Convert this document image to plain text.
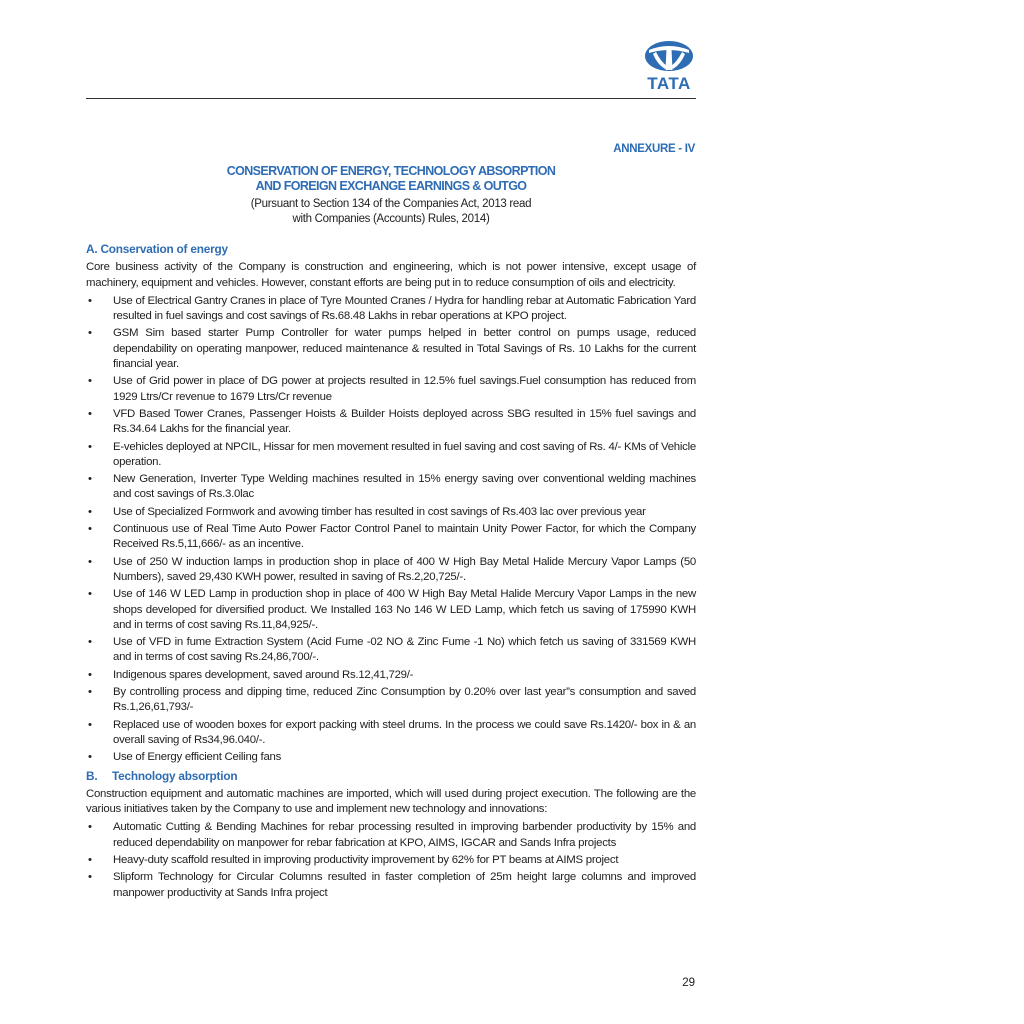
TATA
ANNEXURE - IV
CONSERVATION OF ENERGY, TECHNOLOGY ABSORPTION
AND FOREIGN EXCHANGE EARNINGS & OUTGO
(Pursuant to Section 134 of the Companies Act, 2013 read
with Companies (Accounts) Rules, 2014)
A. Conservation of energy

Core business activity of the Company is construction and engineering, which is not power intensive, except usage of machinery, equipment and vehicles. However, constant efforts are being put in to reduce consumption of oils and electricity.

•	Use of Electrical Gantry Cranes in place of Tyre Mounted Cranes / Hydra for handling rebar at Automatic Fabrication Yard resulted in fuel savings and cost savings of Rs.68.48 Lakhs in rebar operations at KPO project.
•	GSM Sim based starter Pump Controller for water pumps helped in better control on pumps usage, reduced dependability on operating manpower, reduced maintenance & resulted in Total Savings of Rs. 10 Lakhs for the current financial year.
•	Use of Grid power in place of DG power at projects resulted in 12.5% fuel savings.Fuel consumption has reduced from 1929 Ltrs/Cr revenue to 1679 Ltrs/Cr revenue
•	VFD Based Tower Cranes, Passenger Hoists & Builder Hoists deployed across SBG resulted in 15% fuel savings and Rs.34.64 Lakhs for the financial year.
•	E-vehicles deployed at NPCIL, Hissar for men movement resulted in fuel saving and cost saving of Rs. 4/- KMs of Vehicle operation.
•	New Generation, Inverter Type Welding machines resulted in 15% energy saving over conventional welding machines and cost savings of Rs.3.0lac
•	Use of Specialized Formwork and avowing timber has resulted in cost savings of Rs.403 lac over previous year
•	Continuous use of Real Time Auto Power Factor Control Panel to maintain Unity Power Factor, for which the Company Received Rs.5,11,666/- as an incentive.
•	Use of 250 W induction lamps in production shop in place of 400 W High Bay Metal Halide Mercury Vapor Lamps (50 Numbers), saved 29,430 KWH power, resulted in saving of Rs.2,20,725/-.
•	Use of 146 W LED Lamp in production shop in place of 400 W High Bay Metal Halide Mercury Vapor Lamps in the new shops developed for diversified product. We Installed 163 No 146 W LED Lamp, which fetch us saving of 175990 KWH and in terms of cost saving Rs.11,84,925/-.
•	Use of VFD in fume Extraction System (Acid Fume -02 NO & Zinc Fume -1 No) which fetch us saving of 331569 KWH and in terms of cost saving Rs.24,86,700/-.
•	Indigenous spares development, saved around Rs.12,41,729/-
•	By controlling process and dipping time, reduced Zinc Consumption by 0.20% over last year”s consumption and saved Rs.1,26,61,793/-
•	Replaced use of wooden boxes for export packing with steel drums. In the process we could save Rs.1420/- box in & an overall saving of Rs34,96.040/-.
•	Use of Energy efficient Ceiling fans
B. Technology absorption

Construction equipment and automatic machines are imported, which will used during project execution. The following are the various initiatives taken by the Company to use and implement new technology and innovations:

•	Automatic Cutting & Bending Machines for rebar processing resulted in improving barbender productivity by 15% and reduced dependability on manpower for rebar fabrication at KPO, AIMS, IGCAR and Sands Infra projects
•	Heavy-duty scaffold resulted in improving productivity improvement by 62% for PT beams at AIMS project
•	Slipform Technology for Circular Columns resulted in faster completion of 25m height large columns and improved manpower productivity at Sands Infra project
29
